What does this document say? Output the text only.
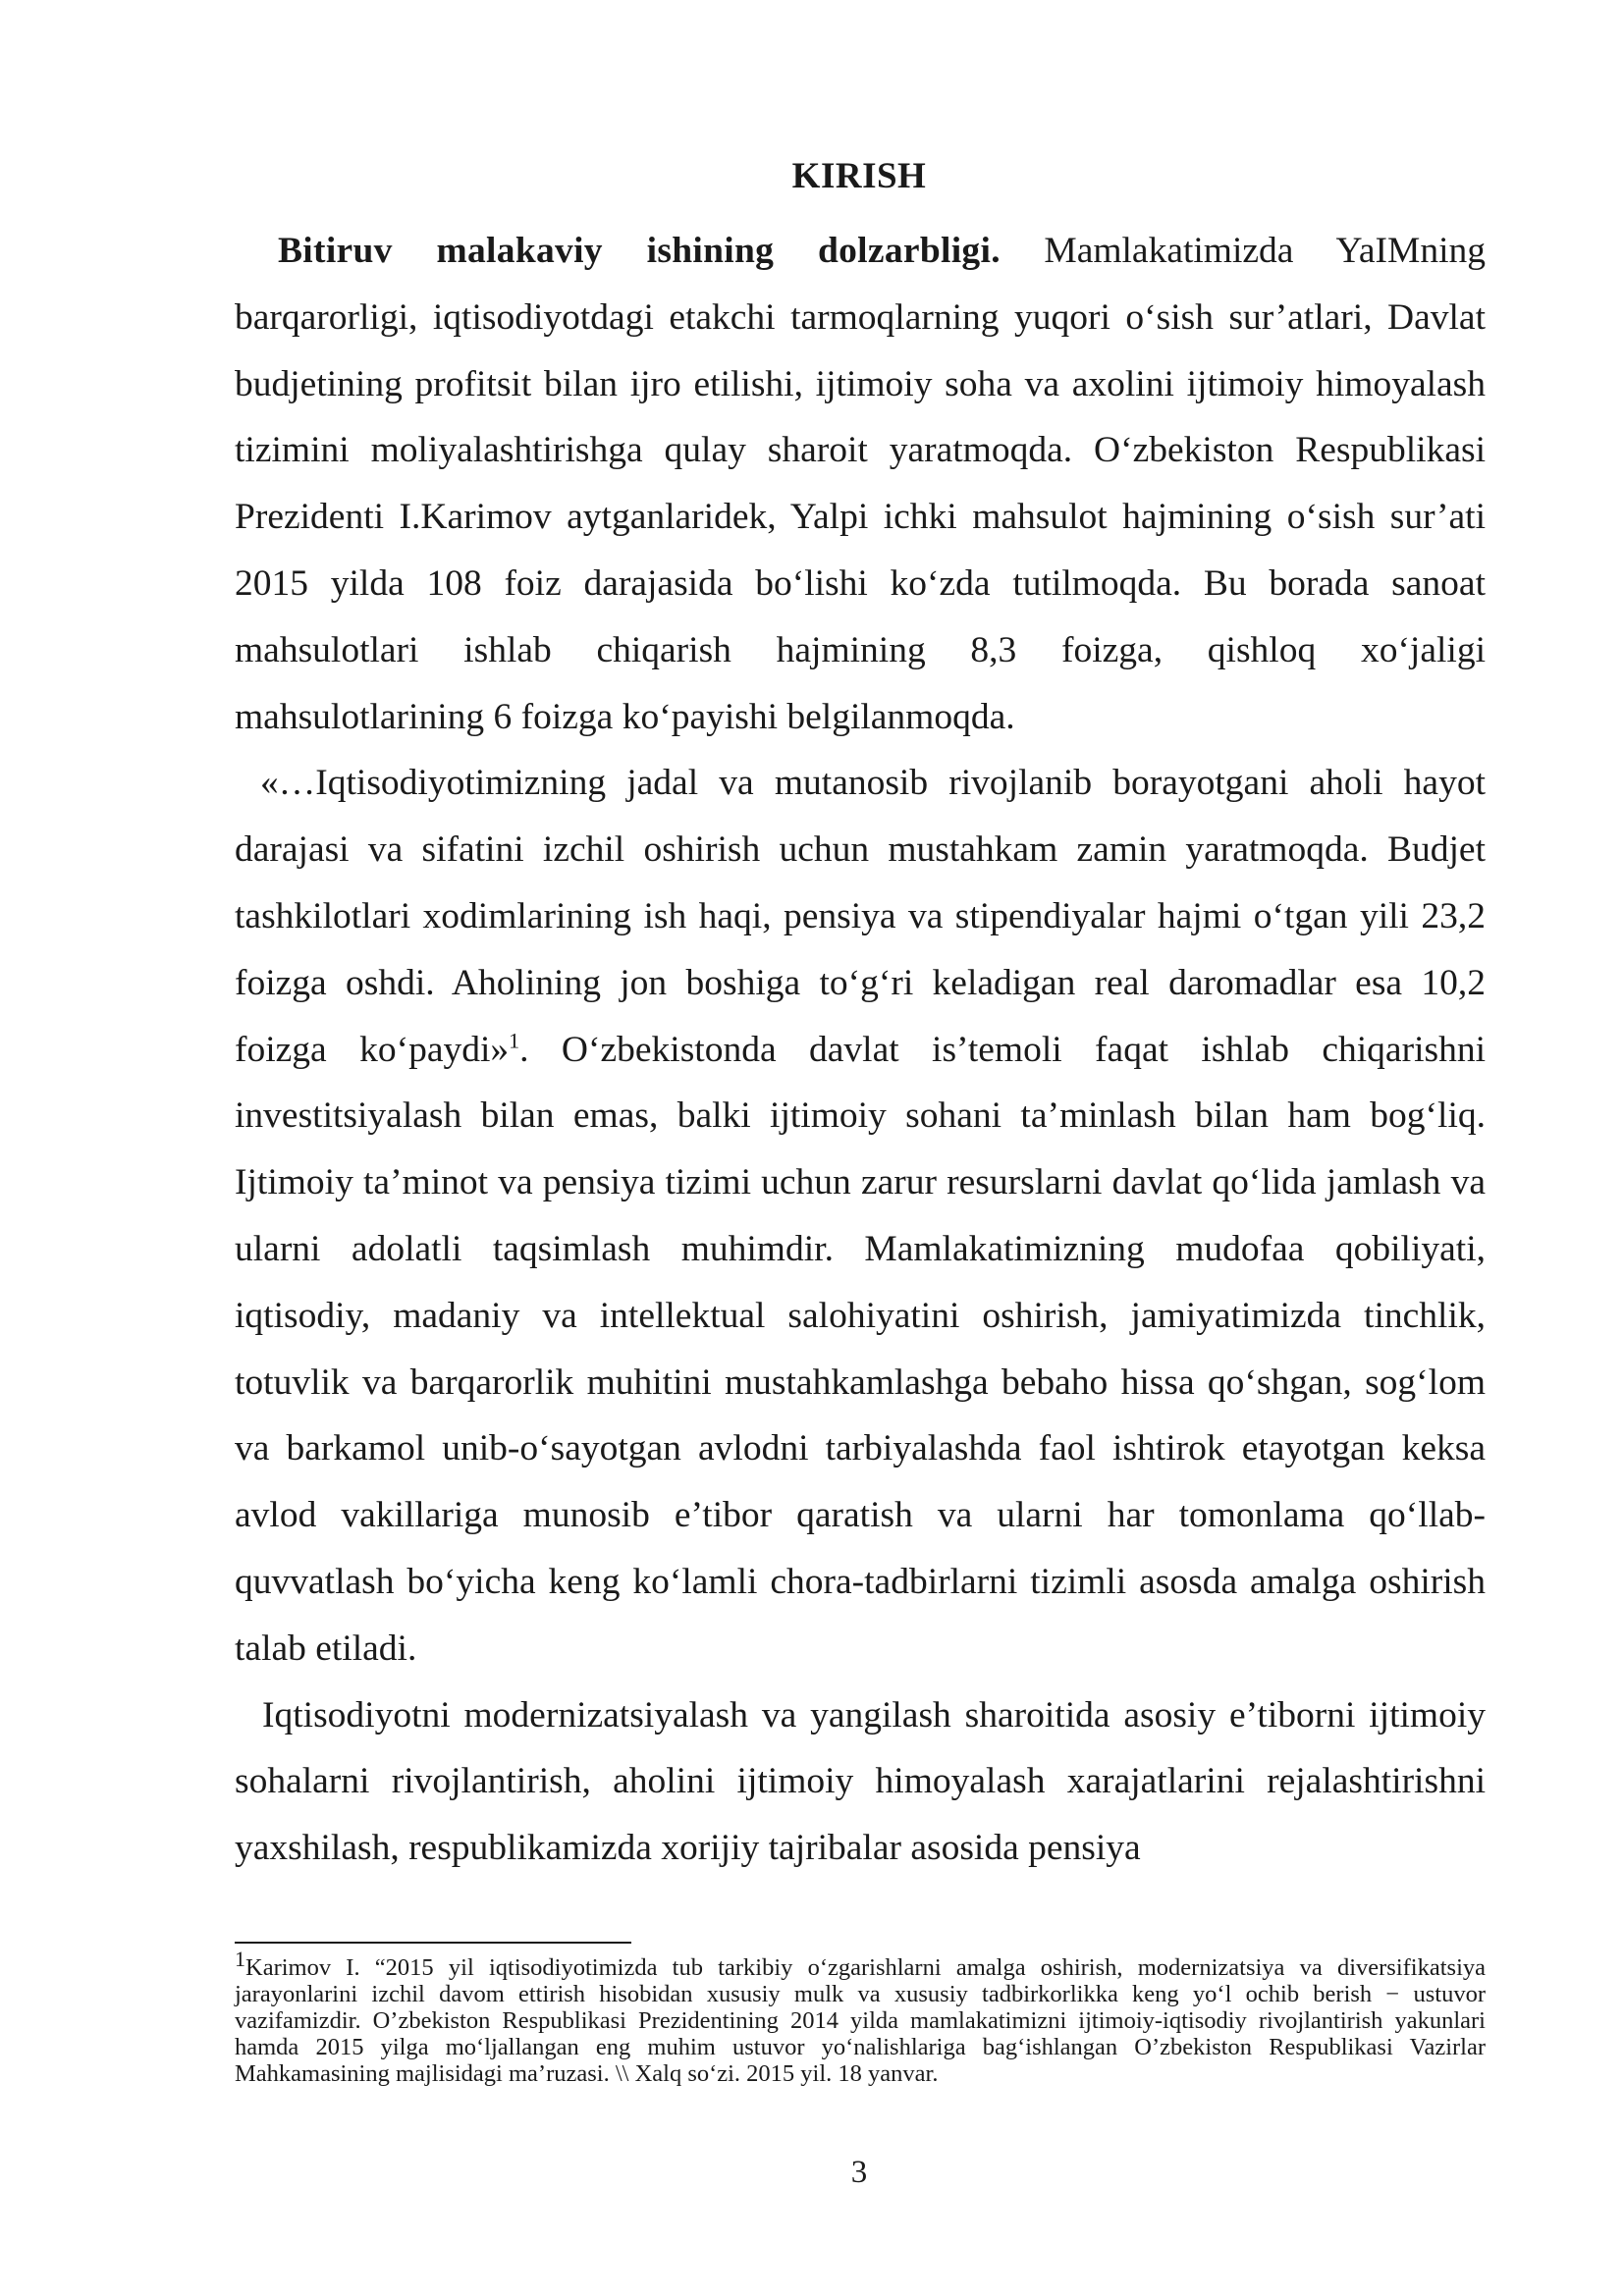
KIRISH

Bitiruv malakaviy ishining dolzarbligi. Mamlakatimizda YaIMning barqarorligi, iqtisodiyotdagi etakchi tarmoqlarning yuqori o‘sish sur’atlari, Davlat budjetining profitsit bilan ijro etilishi, ijtimoiy soha va axolini ijtimoiy himoyalash tizimini moliyalashtirishga qulay sharoit yaratmoqda. O‘zbekiston Respublikasi Prezidenti I.Karimov aytganlaridek, Yalpi ichki mahsulot hajmining o‘sish sur’ati 2015 yilda 108 foiz darajasida bo‘lishi ko‘zda tutilmoqda. Bu borada sanoat mahsulotlari ishlab chiqarish hajmining 8,3 foizga, qishloq xo‘jaligi mahsulotlarining 6 foizga ko‘payishi belgilanmoqda.

«…Iqtisodiyotimizning jadal va mutanosib rivojlanib borayotgani aholi hayot darajasi va sifatini izchil oshirish uchun mustahkam zamin yaratmoqda. Budjet tashkilotlari xodimlarining ish haqi, pensiya va stipendiyalar hajmi o‘tgan yili 23,2 foizga oshdi. Aholining jon boshiga to‘g‘ri keladigan real daromadlar esa 10,2 foizga ko‘paydi»$^1$. O‘zbekistonda davlat is’temoli faqat ishlab chiqarishni investitsiyalash bilan emas, balki ijtimoiy sohani ta’minlash bilan ham bog‘liq. Ijtimoiy ta’minot va pensiya tizimi uchun zarur resurslarni davlat qo‘lida jamlash va ularni adolatli taqsimlash muhimdir. Mamlakatimizning mudofaa qobiliyati, iqtisodiy, madaniy va intellektual salohiyatini oshirish, jamiyatimizda tinchlik, totuvlik va barqarorlik muhitini mustahkamlashga bebaho hissa qo‘shgan, sog‘lom va barkamol unib-o‘sayotgan avlodni tarbiyalashda faol ishtirok etayotgan keksa avlod vakillariga munosib e’tibor qaratish va ularni har tomonlama qo‘llab-quvvatlash bo‘yicha keng ko‘lamli chora-tadbirlarni tizimli asosda amalga oshirish talab etiladi.

Iqtisodiyotni modernizatsiyalash va yangilash sharoitida asosiy e’tiborni ijtimoiy sohalarni rivojlantirish, aholini ijtimoiy himoyalash xarajatlarini rejalashtirishni yaxshilash, respublikamizda xorijiy tajribalar asosida pensiya

$^1$Karimov I. “2015 yil iqtisodiyotimizda tub tarkibiy o‘zgarishlarni amalga oshirish, modernizatsiya va diversifikatsiya jarayonlarini izchil davom ettirish hisobidan xususiy mulk va xususiy tadbirkorlikka keng yo‘l ochib berish − ustuvor vazifamizdir. O’zbekiston Respublikasi Prezidentining 2014 yilda mamlakatimizni ijtimoiy-iqtisodiy rivojlantirish yakunlari hamda 2015 yilga mo‘ljallangan eng muhim ustuvor yo‘nalishlariga bag‘ishlangan O’zbekiston Respublikasi Vazirlar Mahkamasining majlisidagi ma’ruzasi. \\ Xalq so‘zi. 2015 yil. 18 yanvar.

3
